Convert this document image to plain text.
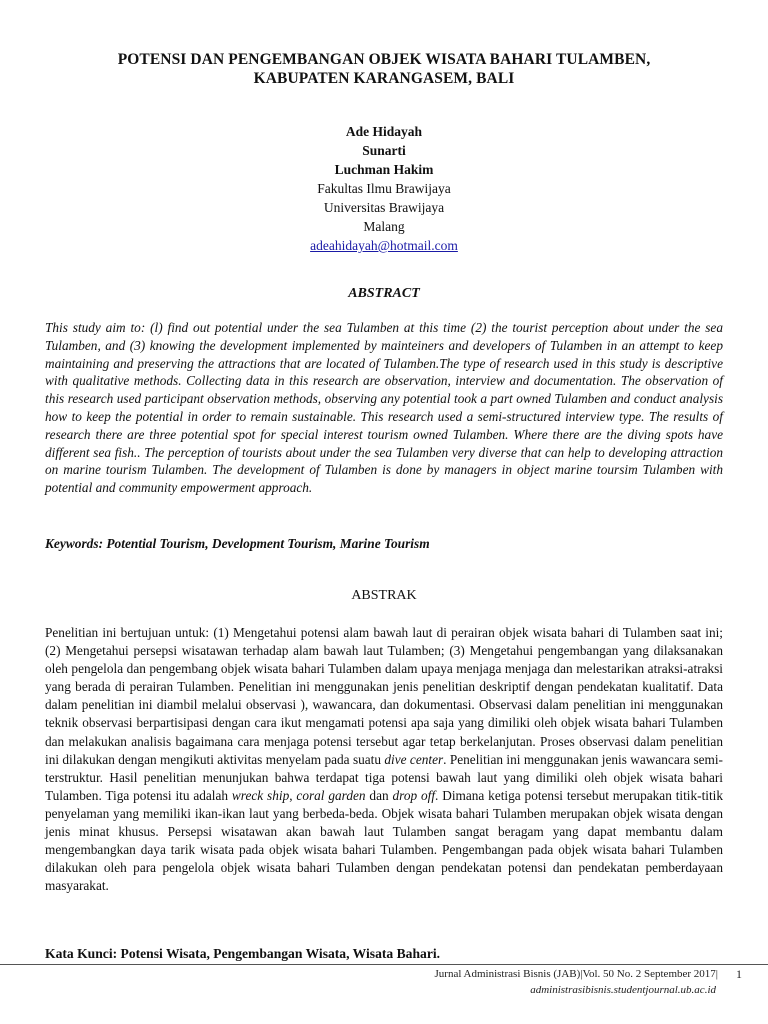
POTENSI DAN PENGEMBANGAN OBJEK WISATA BAHARI TULAMBEN,
KABUPATEN KARANGASEM, BALI
Ade Hidayah
Sunarti
Luchman Hakim
Fakultas Ilmu Brawijaya
Universitas Brawijaya
Malang
adeahidayah@hotmail.com
ABSTRACT
This study aim to: (l) find out potential under the sea Tulamben at this time (2) the tourist perception about under the sea Tulamben, and (3) knowing the development implemented by mainteiners and developers of Tulamben in an attempt to keep maintaining and preserving the attractions that are located of Tulamben.The type of research used in this study is descriptive with qualitative methods. Collecting data in this research are observation, interview and documentation. The observation of this research used participant observation methods, observing any potential took a part owned Tulamben and conduct analysis how to keep the potential in order to remain sustainable. This research used a semi-structured interview type. The results of research there are three potential spot for special interest tourism owned Tulamben. Where there are the diving spots have different sea fish.. The perception of tourists about under the sea Tulamben very diverse that can help to developing attraction on marine tourism Tulamben. The development of Tulamben is done by managers in object marine toursim Tulamben with potential and community empowerment approach.
Keywords: Potential Tourism, Development Tourism, Marine Tourism
ABSTRAK
Penelitian ini bertujuan untuk: (1) Mengetahui potensi alam bawah laut di perairan objek wisata bahari di Tulamben saat ini; (2) Mengetahui persepsi wisatawan terhadap alam bawah laut Tulamben; (3) Mengetahui pengembangan yang dilaksanakan oleh pengelola dan pengembang objek wisata bahari Tulamben dalam upaya menjaga menjaga dan melestarikan atraksi-atraksi yang berada di perairan Tulamben. Penelitian ini menggunakan jenis penelitian deskriptif dengan pendekatan kualitatif. Data dalam penelitian ini diambil melalui observasi ), wawancara, dan dokumentasi. Observasi dalam penelitian ini menggunakan teknik observasi berpartisipasi dengan cara ikut mengamati potensi apa saja yang dimiliki oleh objek wisata bahari Tulamben dan melakukan analisis bagaimana cara menjaga potensi tersebut agar tetap berkelanjutan. Proses observasi dalam penelitian ini dilakukan dengan mengikuti aktivitas menyelam pada suatu dive center. Penelitian ini menggunakan jenis wawancara semi-terstruktur. Hasil penelitian menunjukan bahwa terdapat tiga potensi bawah laut yang dimiliki oleh objek wisata bahari Tulamben. Tiga potensi itu adalah wreck ship, coral garden dan drop off. Dimana ketiga potensi tersebut merupakan titik-titik penyelaman yang memiliki ikan-ikan laut yang berbeda-beda. Objek wisata bahari Tulamben merupakan objek wisata dengan jenis minat khusus. Persepsi wisatawan akan bawah laut Tulamben sangat beragam yang dapat membantu dalam mengembangkan daya tarik wisata pada objek wisata bahari Tulamben. Pengembangan pada objek wisata bahari Tulamben dilakukan oleh para pengelola objek wisata bahari Tulamben dengan pendekatan potensi dan pendekatan pemberdayaan masyarakat.
Kata Kunci: Potensi Wisata, Pengembangan Wisata, Wisata Bahari.
Jurnal Administrasi Bisnis (JAB)|Vol. 50 No. 2 September 2017| 1
administrasibisnis.studentjournal.ub.ac.id
